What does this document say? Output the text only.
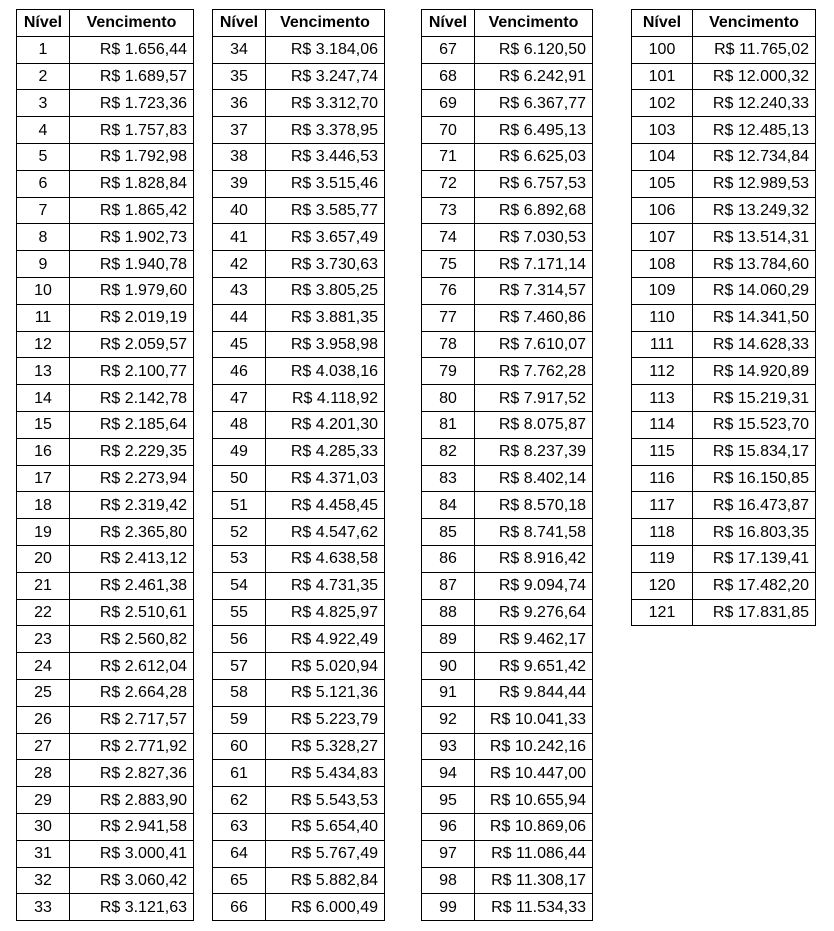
Nível	Vencimento
1	R$ 1.656,44
2	R$ 1.689,57
3	R$ 1.723,36
4	R$ 1.757,83
5	R$ 1.792,98
6	R$ 1.828,84
7	R$ 1.865,42
8	R$ 1.902,73
9	R$ 1.940,78
10	R$ 1.979,60
11	R$ 2.019,19
12	R$ 2.059,57
13	R$ 2.100,77
14	R$ 2.142,78
15	R$ 2.185,64
16	R$ 2.229,35
17	R$ 2.273,94
18	R$ 2.319,42
19	R$ 2.365,80
20	R$ 2.413,12
21	R$ 2.461,38
22	R$ 2.510,61
23	R$ 2.560,82
24	R$ 2.612,04
25	R$ 2.664,28
26	R$ 2.717,57
27	R$ 2.771,92
28	R$ 2.827,36
29	R$ 2.883,90
30	R$ 2.941,58
31	R$ 3.000,41
32	R$ 3.060,42
33	R$ 3.121,63
Nível	Vencimento
34	R$ 3.184,06
35	R$ 3.247,74
36	R$ 3.312,70
37	R$ 3.378,95
38	R$ 3.446,53
39	R$ 3.515,46
40	R$ 3.585,77
41	R$ 3.657,49
42	R$ 3.730,63
43	R$ 3.805,25
44	R$ 3.881,35
45	R$ 3.958,98
46	R$ 4.038,16
47	R$ 4.118,92
48	R$ 4.201,30
49	R$ 4.285,33
50	R$ 4.371,03
51	R$ 4.458,45
52	R$ 4.547,62
53	R$ 4.638,58
54	R$ 4.731,35
55	R$ 4.825,97
56	R$ 4.922,49
57	R$ 5.020,94
58	R$ 5.121,36
59	R$ 5.223,79
60	R$ 5.328,27
61	R$ 5.434,83
62	R$ 5.543,53
63	R$ 5.654,40
64	R$ 5.767,49
65	R$ 5.882,84
66	R$ 6.000,49
Nível	Vencimento
67	R$ 6.120,50
68	R$ 6.242,91
69	R$ 6.367,77
70	R$ 6.495,13
71	R$ 6.625,03
72	R$ 6.757,53
73	R$ 6.892,68
74	R$ 7.030,53
75	R$ 7.171,14
76	R$ 7.314,57
77	R$ 7.460,86
78	R$ 7.610,07
79	R$ 7.762,28
80	R$ 7.917,52
81	R$ 8.075,87
82	R$ 8.237,39
83	R$ 8.402,14
84	R$ 8.570,18
85	R$ 8.741,58
86	R$ 8.916,42
87	R$ 9.094,74
88	R$ 9.276,64
89	R$ 9.462,17
90	R$ 9.651,42
91	R$ 9.844,44
92	R$ 10.041,33
93	R$ 10.242,16
94	R$ 10.447,00
95	R$ 10.655,94
96	R$ 10.869,06
97	R$ 11.086,44
98	R$ 11.308,17
99	R$ 11.534,33
Nível	Vencimento
100	R$ 11.765,02
101	R$ 12.000,32
102	R$ 12.240,33
103	R$ 12.485,13
104	R$ 12.734,84
105	R$ 12.989,53
106	R$ 13.249,32
107	R$ 13.514,31
108	R$ 13.784,60
109	R$ 14.060,29
110	R$ 14.341,50
111	R$ 14.628,33
112	R$ 14.920,89
113	R$ 15.219,31
114	R$ 15.523,70
115	R$ 15.834,17
116	R$ 16.150,85
117	R$ 16.473,87
118	R$ 16.803,35
119	R$ 17.139,41
120	R$ 17.482,20
121	R$ 17.831,85
